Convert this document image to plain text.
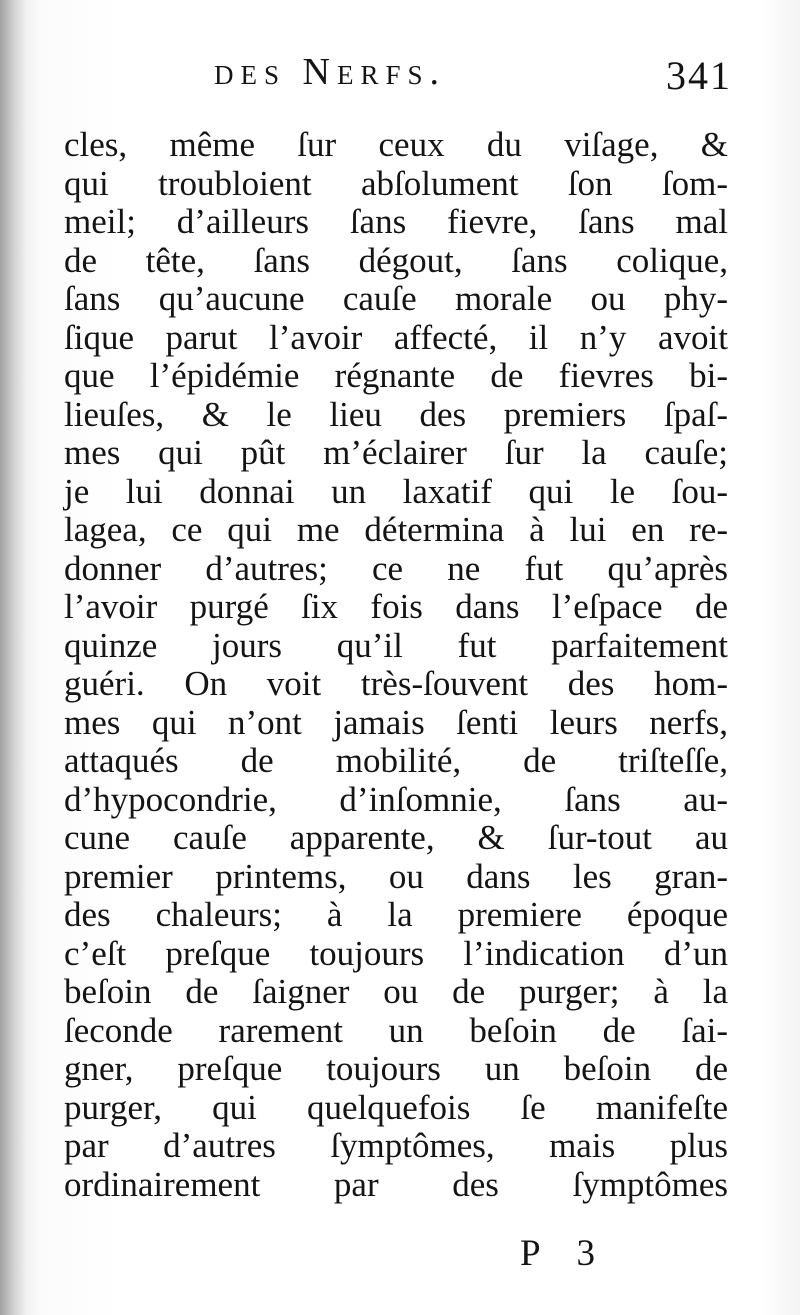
des Nerfs.	341
cles, même ſur ceux du viſage, &
qui troubloient abſolument ſon ſom-
meil; d’ailleurs ſans fievre, ſans mal
de tête, ſans dégout, ſans colique,
ſans qu’aucune cauſe morale ou phy-
ſique parut l’avoir affecté, il n’y avoit
que l’épidémie régnante de fievres bi-
lieuſes, & le lieu des premiers ſpaſ-
mes qui pût m’éclairer ſur la cauſe;
je lui donnai un laxatif qui le ſou-
lagea, ce qui me détermina à lui en re-
donner d’autres; ce ne fut qu’après
l’avoir purgé ſix fois dans l’eſpace de
quinze jours qu’il fut parfaitement
guéri. On voit très-ſouvent des hom-
mes qui n’ont jamais ſenti leurs nerfs,
attaqués de mobilité, de triſteſſe,
d’hypocondrie, d’inſomnie, ſans au-
cune cauſe apparente, & ſur-tout au
premier printems, ou dans les gran-
des chaleurs; à la premiere époque
c’eſt preſque toujours l’indication d’un
beſoin de ſaigner ou de purger; à la
ſeconde rarement un beſoin de ſai-
gner, preſque toujours un beſoin de
purger, qui quelquefois ſe manifeſte
par d’autres ſymptômes, mais plus
ordinairement par des ſymptômes
P 3
